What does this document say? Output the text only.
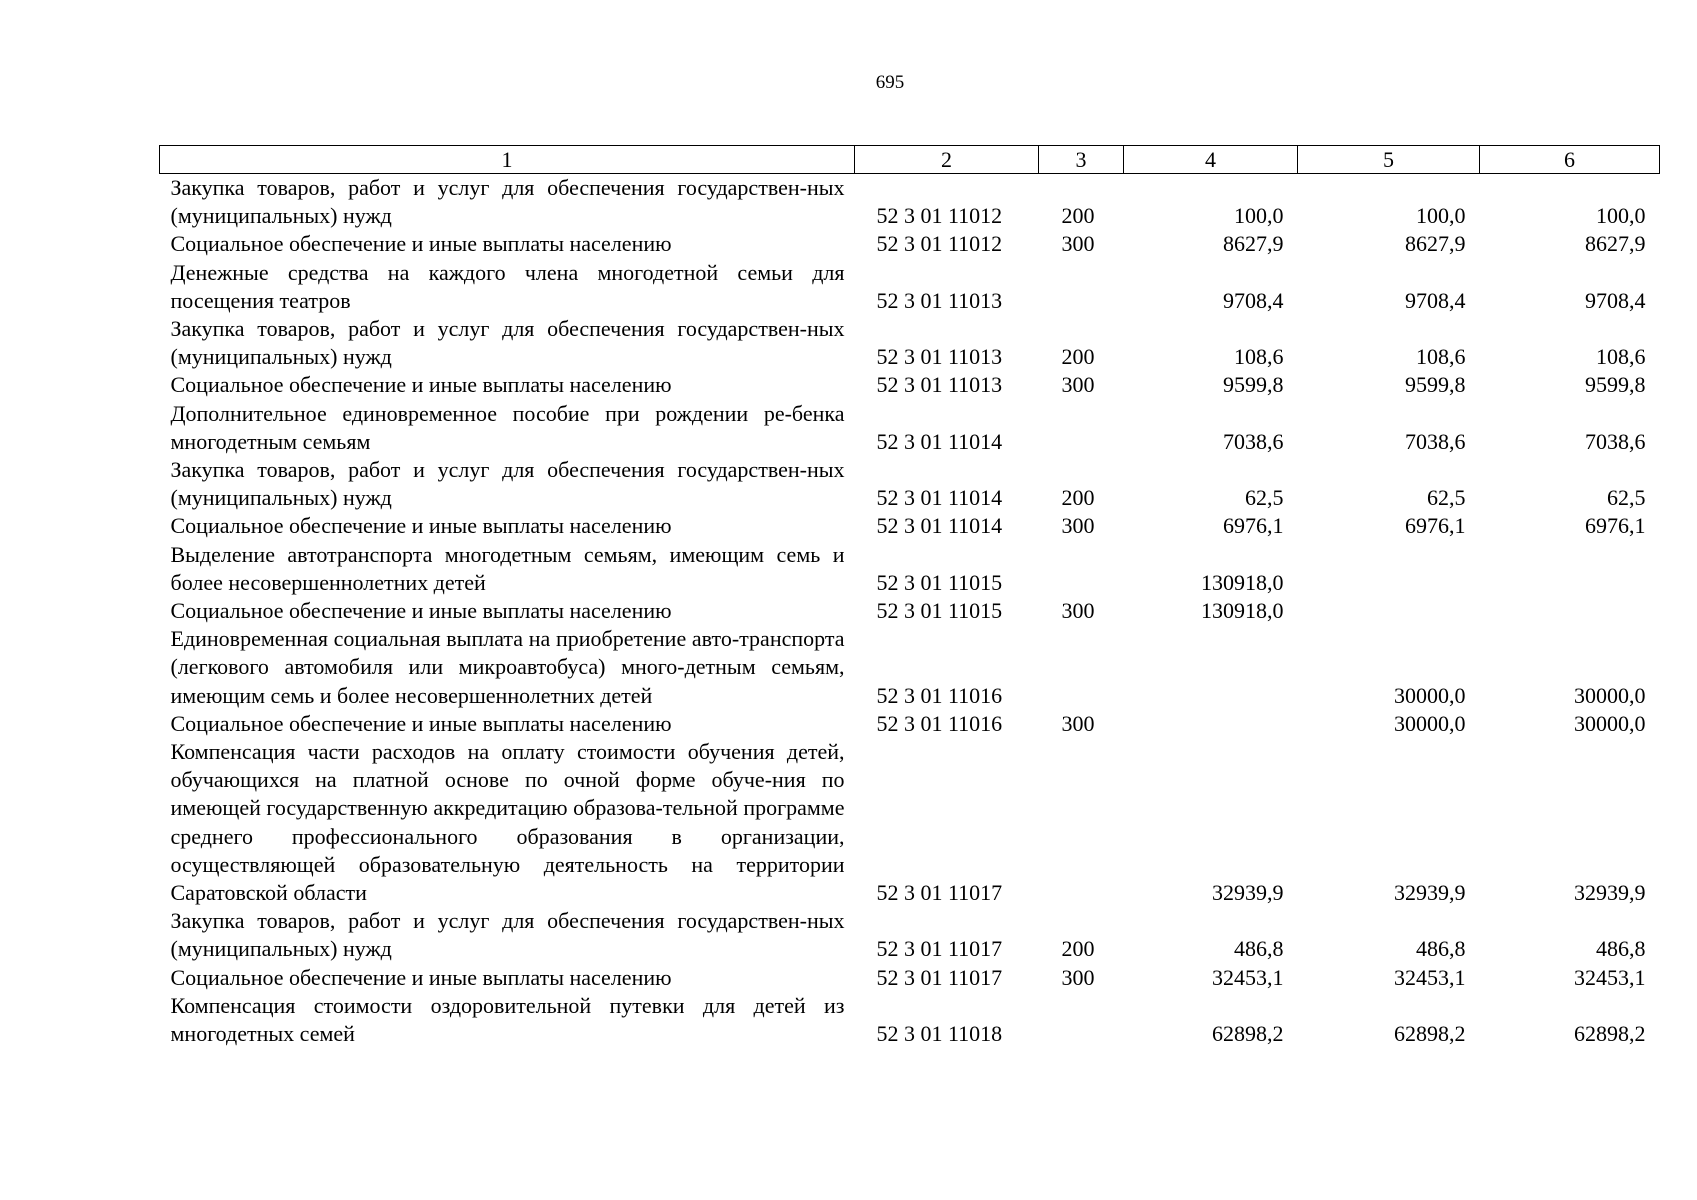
695
1	2	3	4	5	6
Закупка товаров, работ и услуг для обеспечения государствен-ных (муниципальных) нужд	52 3 01 11012	200	100,0	100,0	100,0
Социальное обеспечение и иные выплаты населению	52 3 01 11012	300	8627,9	8627,9	8627,9
Денежные средства на каждого члена многодетной семьи для посещения театров	52 3 01 11013		9708,4	9708,4	9708,4
Закупка товаров, работ и услуг для обеспечения государствен-ных (муниципальных) нужд	52 3 01 11013	200	108,6	108,6	108,6
Социальное обеспечение и иные выплаты населению	52 3 01 11013	300	9599,8	9599,8	9599,8
Дополнительное единовременное пособие при рождении ре-бенка многодетным семьям	52 3 01 11014		7038,6	7038,6	7038,6
Закупка товаров, работ и услуг для обеспечения государствен-ных (муниципальных) нужд	52 3 01 11014	200	62,5	62,5	62,5
Социальное обеспечение и иные выплаты населению	52 3 01 11014	300	6976,1	6976,1	6976,1
Выделение автотранспорта многодетным семьям, имеющим семь и более несовершеннолетних детей	52 3 01 11015		130918,0		
Социальное обеспечение и иные выплаты населению	52 3 01 11015	300	130918,0		
Единовременная социальная выплата на приобретение авто-транспорта (легкового автомобиля или микроавтобуса) много-детным семьям, имеющим семь и более несовершеннолетних детей	52 3 01 11016			30000,0	30000,0
Социальное обеспечение и иные выплаты населению	52 3 01 11016	300		30000,0	30000,0
Компенсация части расходов на оплату стоимости обучения детей, обучающихся на платной основе по очной форме обуче-ния по имеющей государственную аккредитацию образова-тельной программе среднего профессионального образования в организации, осуществляющей образовательную деятельность на территории Саратовской области	52 3 01 11017		32939,9	32939,9	32939,9
Закупка товаров, работ и услуг для обеспечения государствен-ных (муниципальных) нужд	52 3 01 11017	200	486,8	486,8	486,8
Социальное обеспечение и иные выплаты населению	52 3 01 11017	300	32453,1	32453,1	32453,1
Компенсация стоимости оздоровительной путевки для детей из многодетных семей	52 3 01 11018		62898,2	62898,2	62898,2
